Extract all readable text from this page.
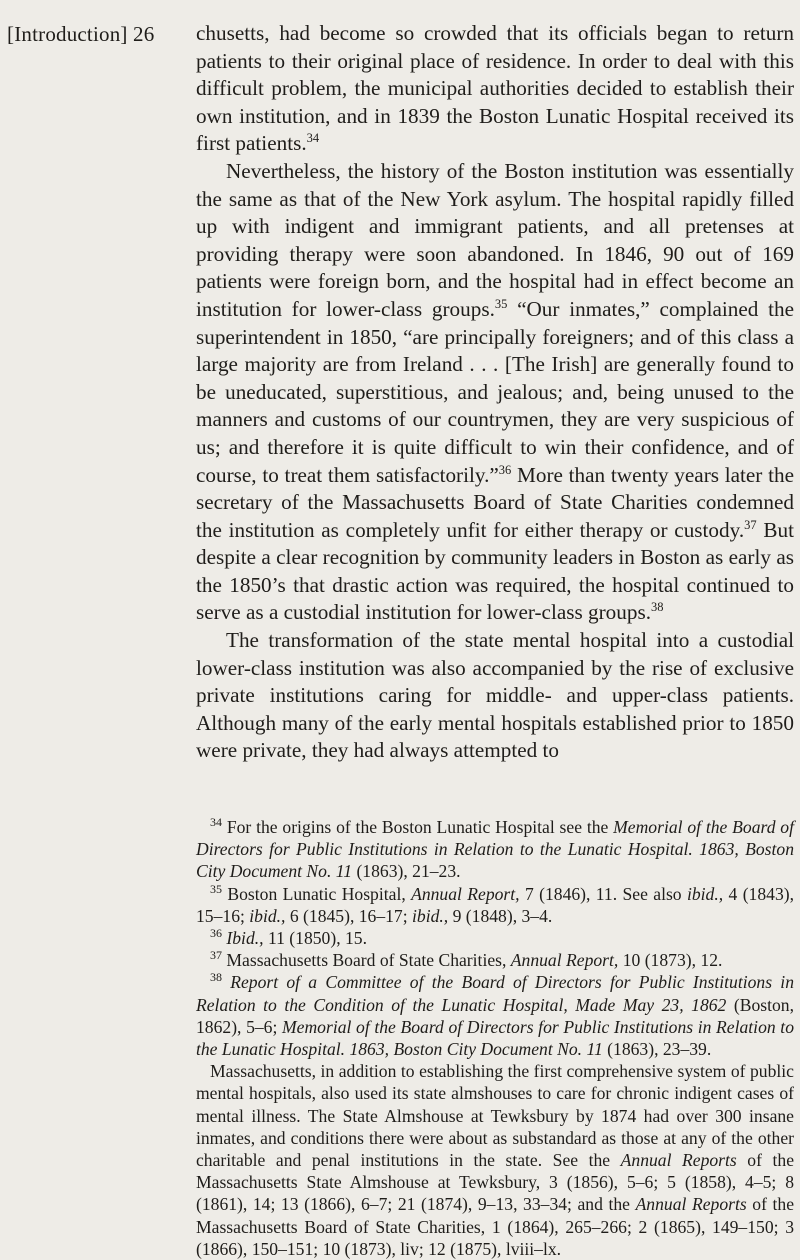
[Introduction] 26 chusetts, had become so crowded that its officials began to return patients to their original place of residence. In order to deal with this difficult problem, the municipal authorities decided to establish their own institution, and in 1839 the Boston Lunatic Hospital received its first patients.$^{34}$

Nevertheless, the history of the Boston institution was essentially the same as that of the New York asylum. The hospital rapidly filled up with indigent and immigrant patients, and all pretenses at providing therapy were soon abandoned. In 1846, 90 out of 169 patients were foreign born, and the hospital had in effect become an institution for lower-class groups.$^{35}$ “Our inmates,” complained the superintendent in 1850, “are principally foreigners; and of this class a large majority are from Ireland . . . [The Irish] are generally found to be uneducated, superstitious, and jealous; and, being unused to the manners and customs of our countrymen, they are very suspicious of us; and therefore it is quite difficult to win their confidence, and of course, to treat them satisfactorily.”$^{36}$ More than twenty years later the secretary of the Massachusetts Board of State Charities condemned the institution as completely unfit for either therapy or custody.$^{37}$ But despite a clear recognition by community leaders in Boston as early as the 1850’s that drastic action was required, the hospital continued to serve as a custodial institution for lower-class groups.$^{38}$

The transformation of the state mental hospital into a custodial lower-class institution was also accompanied by the rise of exclusive private institutions caring for middle- and upper-class patients. Although many of the early mental hospitals established prior to 1850 were private, they had always attempted to

$^{34}$ For the origins of the Boston Lunatic Hospital see the Memorial of the Board of Directors for Public Institutions in Relation to the Lunatic Hospital. 1863, Boston City Document No. 11 (1863), 21–23.

$^{35}$ Boston Lunatic Hospital, Annual Report, 7 (1846), 11. See also ibid., 4 (1843), 15–16; ibid., 6 (1845), 16–17; ibid., 9 (1848), 3–4.

$^{36}$ Ibid., 11 (1850), 15.

$^{37}$ Massachusetts Board of State Charities, Annual Report, 10 (1873), 12.

$^{38}$ Report of a Committee of the Board of Directors for Public Institutions in Relation to the Condition of the Lunatic Hospital, Made May 23, 1862 (Boston, 1862), 5–6; Memorial of the Board of Directors for Public Institutions in Relation to the Lunatic Hospital. 1863, Boston City Document No. 11 (1863), 23–39.

Massachusetts, in addition to establishing the first comprehensive system of public mental hospitals, also used its state almshouses to care for chronic indigent cases of mental illness. The State Almshouse at Tewksbury by 1874 had over 300 insane inmates, and conditions there were about as substandard as those at any of the other charitable and penal institutions in the state. See the Annual Reports of the Massachusetts State Almshouse at Tewksbury, 3 (1856), 5–6; 5 (1858), 4–5; 8 (1861), 14; 13 (1866), 6–7; 21 (1874), 9–13, 33–34; and the Annual Reports of the Massachusetts Board of State Charities, 1 (1864), 265–266; 2 (1865), 149–150; 3 (1866), 150–151; 10 (1873), liv; 12 (1875), lviii–lx.
